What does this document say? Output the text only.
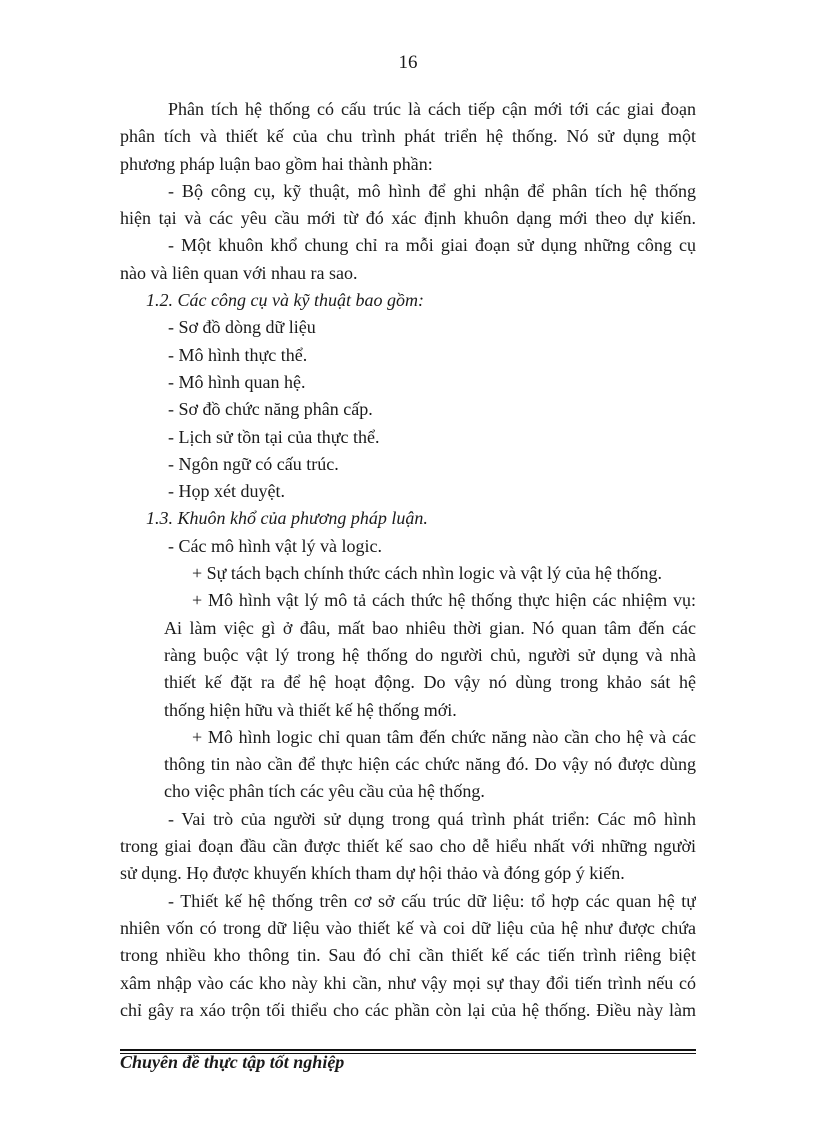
16
Phân tích hệ thống có cấu trúc là cách tiếp cận mới tới các giai đoạn
phân tích và thiết kế của chu trình phát triển hệ thống. Nó sử dụng một
phương pháp luận bao gồm hai thành phần:
- Bộ công cụ, kỹ thuật, mô hình để ghi nhận để phân tích hệ thống
hiện tại và các yêu cầu mới từ đó xác định khuôn dạng mới theo dự kiến.
- Một khuôn khổ chung chỉ ra mỗi giai đoạn sử dụng những công cụ
nào và liên quan với nhau ra sao.
1.2. Các công cụ và kỹ thuật bao gồm:
- Sơ đồ dòng dữ liệu
- Mô hình thực thể.
- Mô hình quan hệ.
- Sơ đồ chức năng phân cấp.
- Lịch sử tồn tại của thực thể.
- Ngôn ngữ có cấu trúc.
- Họp xét duyệt.
1.3. Khuôn khổ của phương pháp luận.
- Các mô hình vật lý và logic.
+ Sự tách bạch chính thức cách nhìn logic và vật lý của hệ thống.
+ Mô hình vật lý mô tả cách thức hệ thống thực hiện các nhiệm vụ:
Ai làm việc gì ở đâu, mất bao nhiêu thời gian. Nó quan tâm đến các
ràng buộc vật lý trong hệ thống do người chủ, người sử dụng và nhà
thiết kế đặt ra để hệ hoạt động. Do vậy nó dùng trong khảo sát hệ
thống hiện hữu và thiết kế hệ thống mới.
+ Mô hình logic chỉ quan tâm đến chức năng nào cần cho hệ và các
thông tin nào cần để thực hiện các chức năng đó. Do vậy nó được dùng
cho việc phân tích các yêu cầu của hệ thống.
- Vai trò của người sử dụng trong quá trình phát triển: Các mô hình
trong giai đoạn đầu cần được thiết kế sao cho dễ hiểu nhất với những người
sử dụng. Họ được khuyến khích tham dự hội thảo và đóng góp ý kiến.
- Thiết kế hệ thống trên cơ sở cấu trúc dữ liệu: tổ hợp các quan hệ tự
nhiên vốn có trong dữ liệu vào thiết kế và coi dữ liệu của hệ như được chứa
trong nhiều kho thông tin. Sau đó chỉ cần thiết kế các tiến trình riêng biệt
xâm nhập vào các kho này khi cần, như vậy mọi sự thay đổi tiến trình nếu có
chỉ gây ra xáo trộn tối thiểu cho các phần còn lại của hệ thống. Điều này làm
Chuyên đề thực tập tốt nghiệp
